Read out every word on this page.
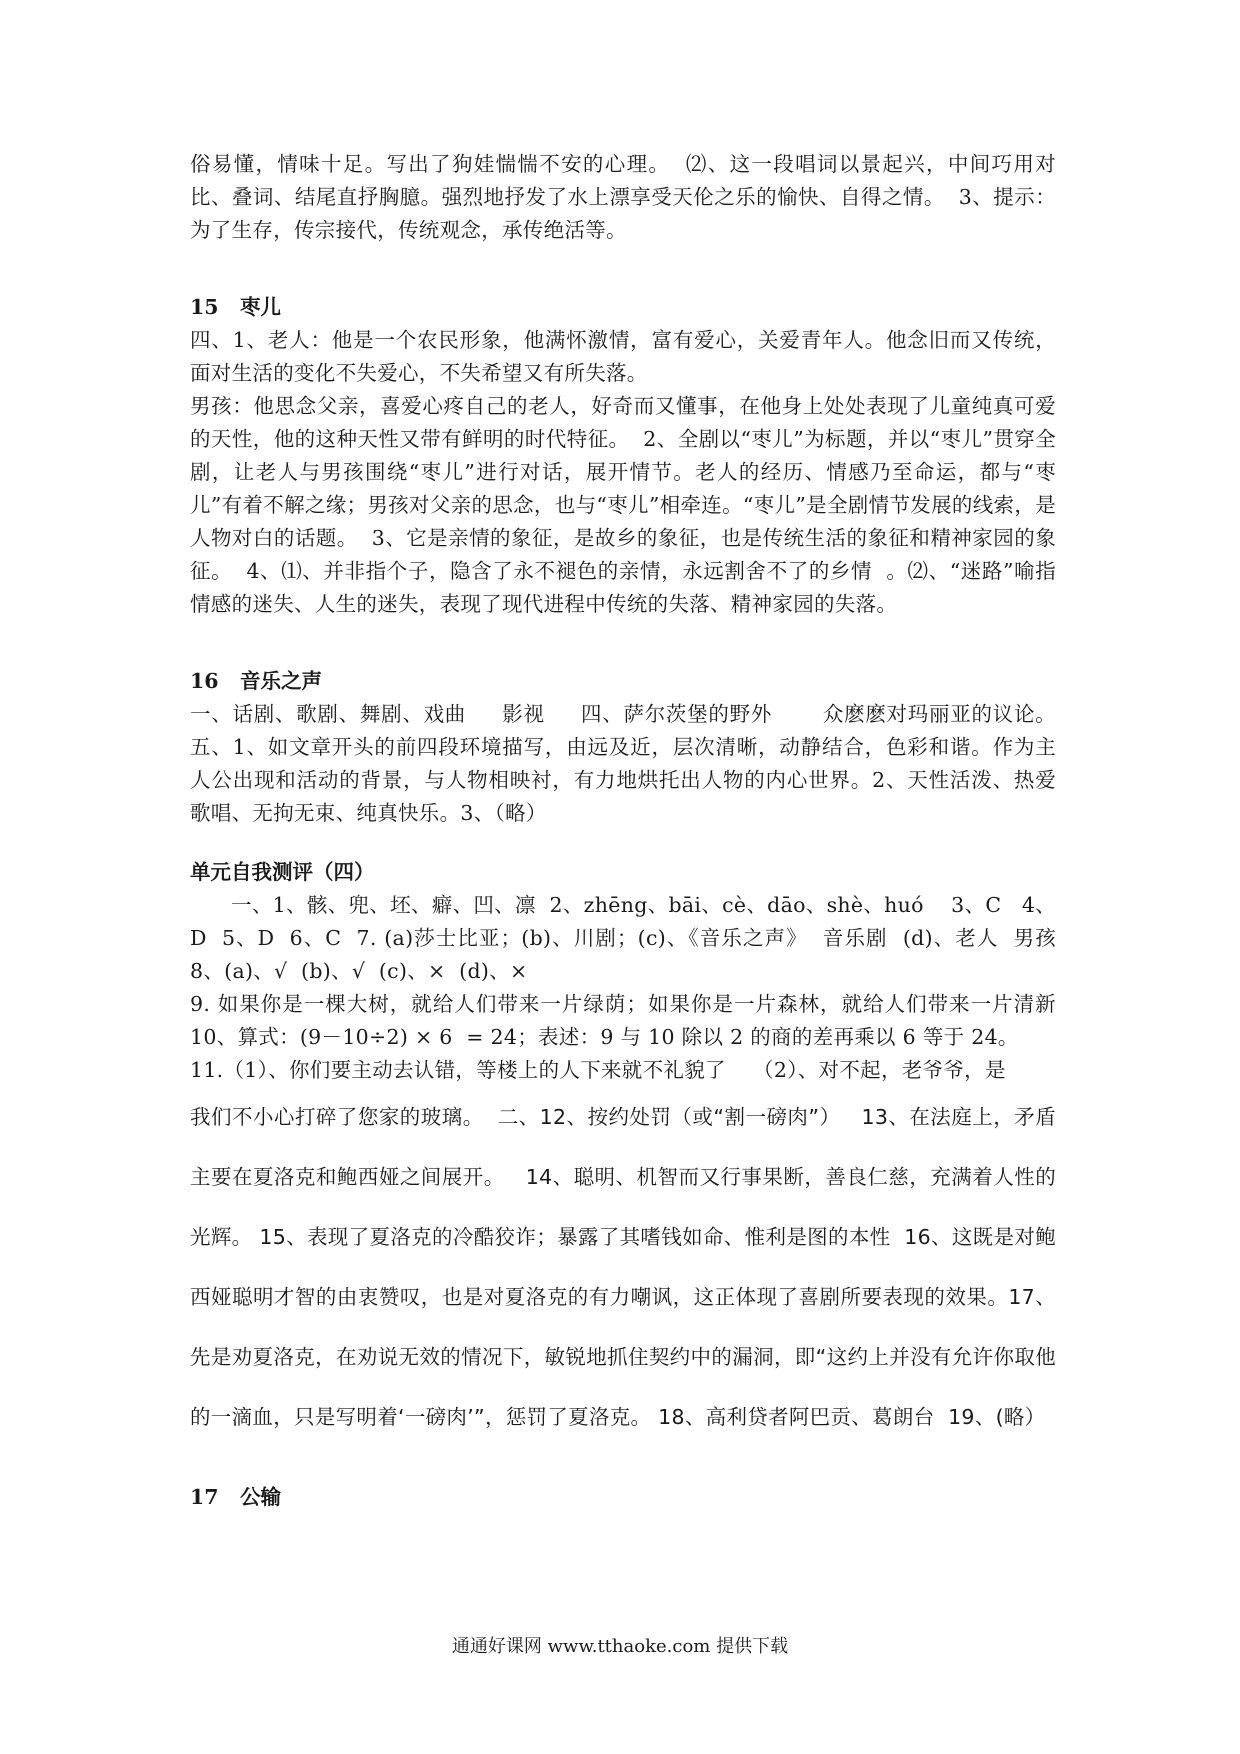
俗易懂，情味十足。写出了狗娃惴惴不安的心理。  ⑵、这一段唱词以景起兴，中间巧用对比、叠词、结尾直抒胸臆。强烈地抒发了水上漂享受天伦之乐的愉快、自得之情。  3、提示：为了生存，传宗接代，传统观念，承传绝活等。

15   枣儿

四、1、老人：他是一个农民形象，他满怀激情，富有爱心，关爱青年人。他念旧而又传统，面对生活的变化不失爱心，不失希望又有所失落。

男孩：他思念父亲，喜爱心疼自己的老人，好奇而又懂事，在他身上处处表现了儿童纯真可爱的天性，他的这种天性又带有鲜明的时代特征。  2、全剧以“枣儿”为标题，并以“枣儿”贯穿全剧，让老人与男孩围绕“枣儿”进行对话，展开情节。老人的经历、情感乃至命运，都与“枣儿”有着不解之缘；男孩对父亲的思念，也与“枣儿”相牵连。“枣儿”是全剧情节发展的线索，是人物对白的话题。  3、它是亲情的象征，是故乡的象征，也是传统生活的象征和精神家园的象征。  4、⑴、并非指个子，隐含了永不褪色的亲情，永远割舍不了的乡情  。⑵、“迷路”喻指情感的迷失、人生的迷失，表现了现代进程中传统的失落、精神家园的失落。

16   音乐之声

一、话剧、歌剧、舞剧、戏曲     影视     四、萨尔茨堡的野外       众麽麽对玛丽亚的议论。  五、1、如文章开头的前四段环境描写，由远及近，层次清晰，动静结合，色彩和谐。作为主人公出现和活动的背景，与人物相映衬，有力地烘托出人物的内心世界。2、天性活泼、热爱歌唱、无拘无束、纯真快乐。3、（略）

单元自我测评（四）

一、1、骸、兜、坯、癖、凹、凛  2、zhēng、bāi、cè、dāo、shè、huó    3、C   4、D  5、D  6、C  7. (a)莎士比亚；(b)、川剧；(c)、《音乐之声》  音乐剧  (d)、老人  男孩  8、(a)、√  (b)、√  (c)、×  (d)、×

9. 如果你是一棵大树，就给人们带来一片绿荫；如果你是一片森林，就给人们带来一片清新    10、算式：(9－10÷2) × 6  = 24；表述：9 与 10 除以 2 的商的差再乘以 6 等于 24。

11.（1）、你们要主动去认错，等楼上的人下来就不礼貌了    （2）、对不起，老爷爷，是

我们不小心打碎了您家的玻璃。  二、12、按约处罚（或“割一磅肉”）   13、在法庭上，矛盾主要在夏洛克和鲍西娅之间展开。   14、聪明、机智而又行事果断，善良仁慈，充满着人性的光辉。 15、表现了夏洛克的冷酷狡诈；暴露了其嗜钱如命、惟利是图的本性  16、这既是对鲍西娅聪明才智的由衷赞叹，也是对夏洛克的有力嘲讽，这正体现了喜剧所要表现的效果。17、先是劝夏洛克，在劝说无效的情况下，敏锐地抓住契约中的漏洞，即“这约上并没有允许你取他的一滴血，只是写明着‘一磅肉’”，惩罚了夏洛克。 18、高利贷者阿巴贡、葛朗台  19、(略）

17   公输
通通好课网 www.tthaoke.com 提供下载
